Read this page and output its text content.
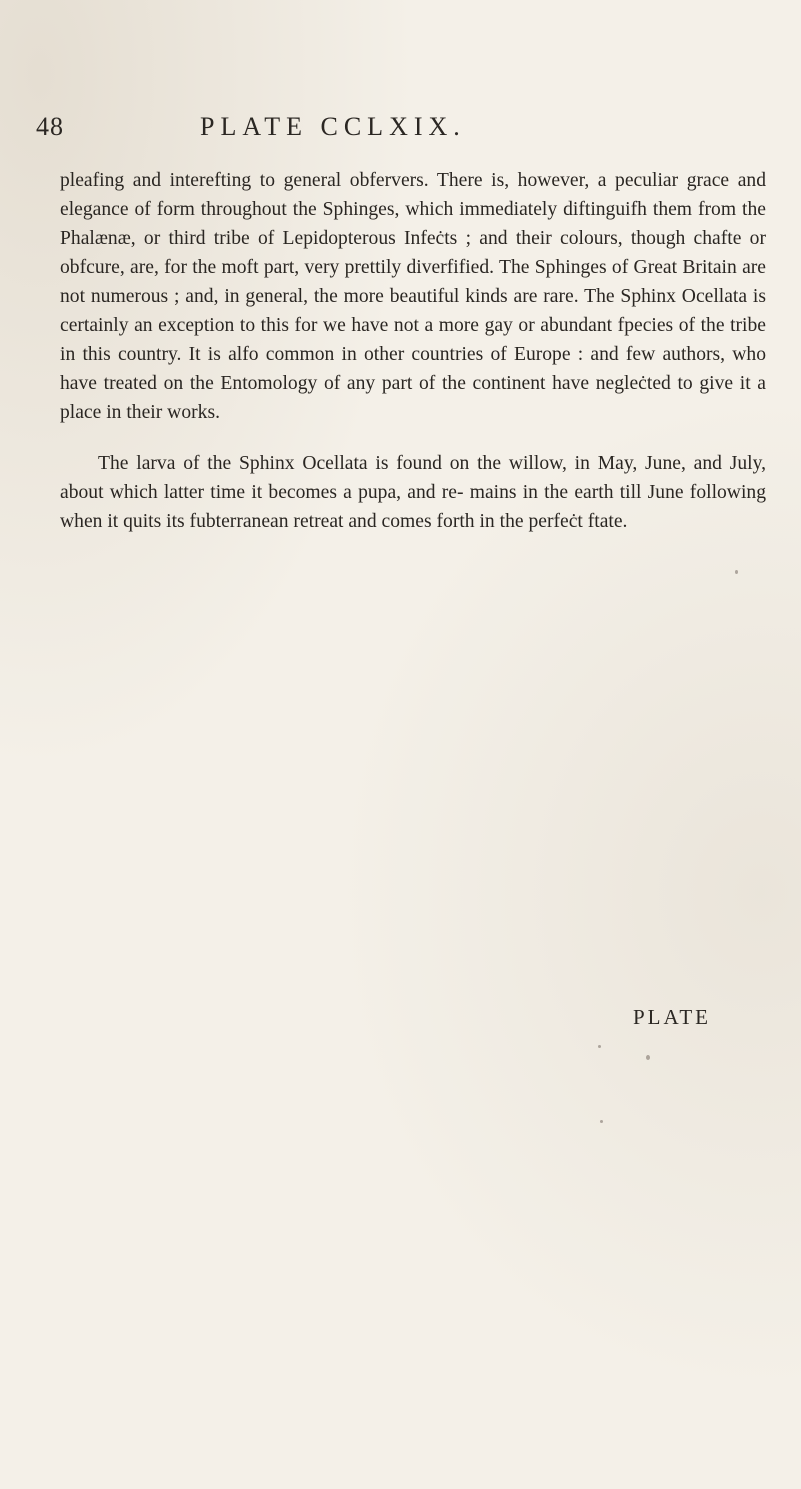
48	PLATE CCLXIX.

pleafing and interefting to general obfervers. There is, however, a peculiar grace and elegance of form throughout the Sphinges, which immediately diftinguifh them from the Phalænæ, or third tribe of Lepidopterous Infeċts ; and their colours, though chafte or obfcure, are, for the moft part, very prettily diverfified. The Sphinges of Great Britain are not numerous ; and, in general, the more beautiful kinds are rare. The Sphinx Ocellata is certainly an exception to this for we have not a more gay or abundant fpecies of the tribe in this country. It is alfo common in other countries of Europe : and few authors, who have treated on the Entomology of any part of the continent have negleċted to give it a place in their works.

The larva of the Sphinx Ocellata is found on the willow, in May, June, and July, about which latter time it becomes a pupa, and re- mains in the earth till June following when it quits its fubterranean retreat and comes forth in the perfeċt ftate.

PLATE
